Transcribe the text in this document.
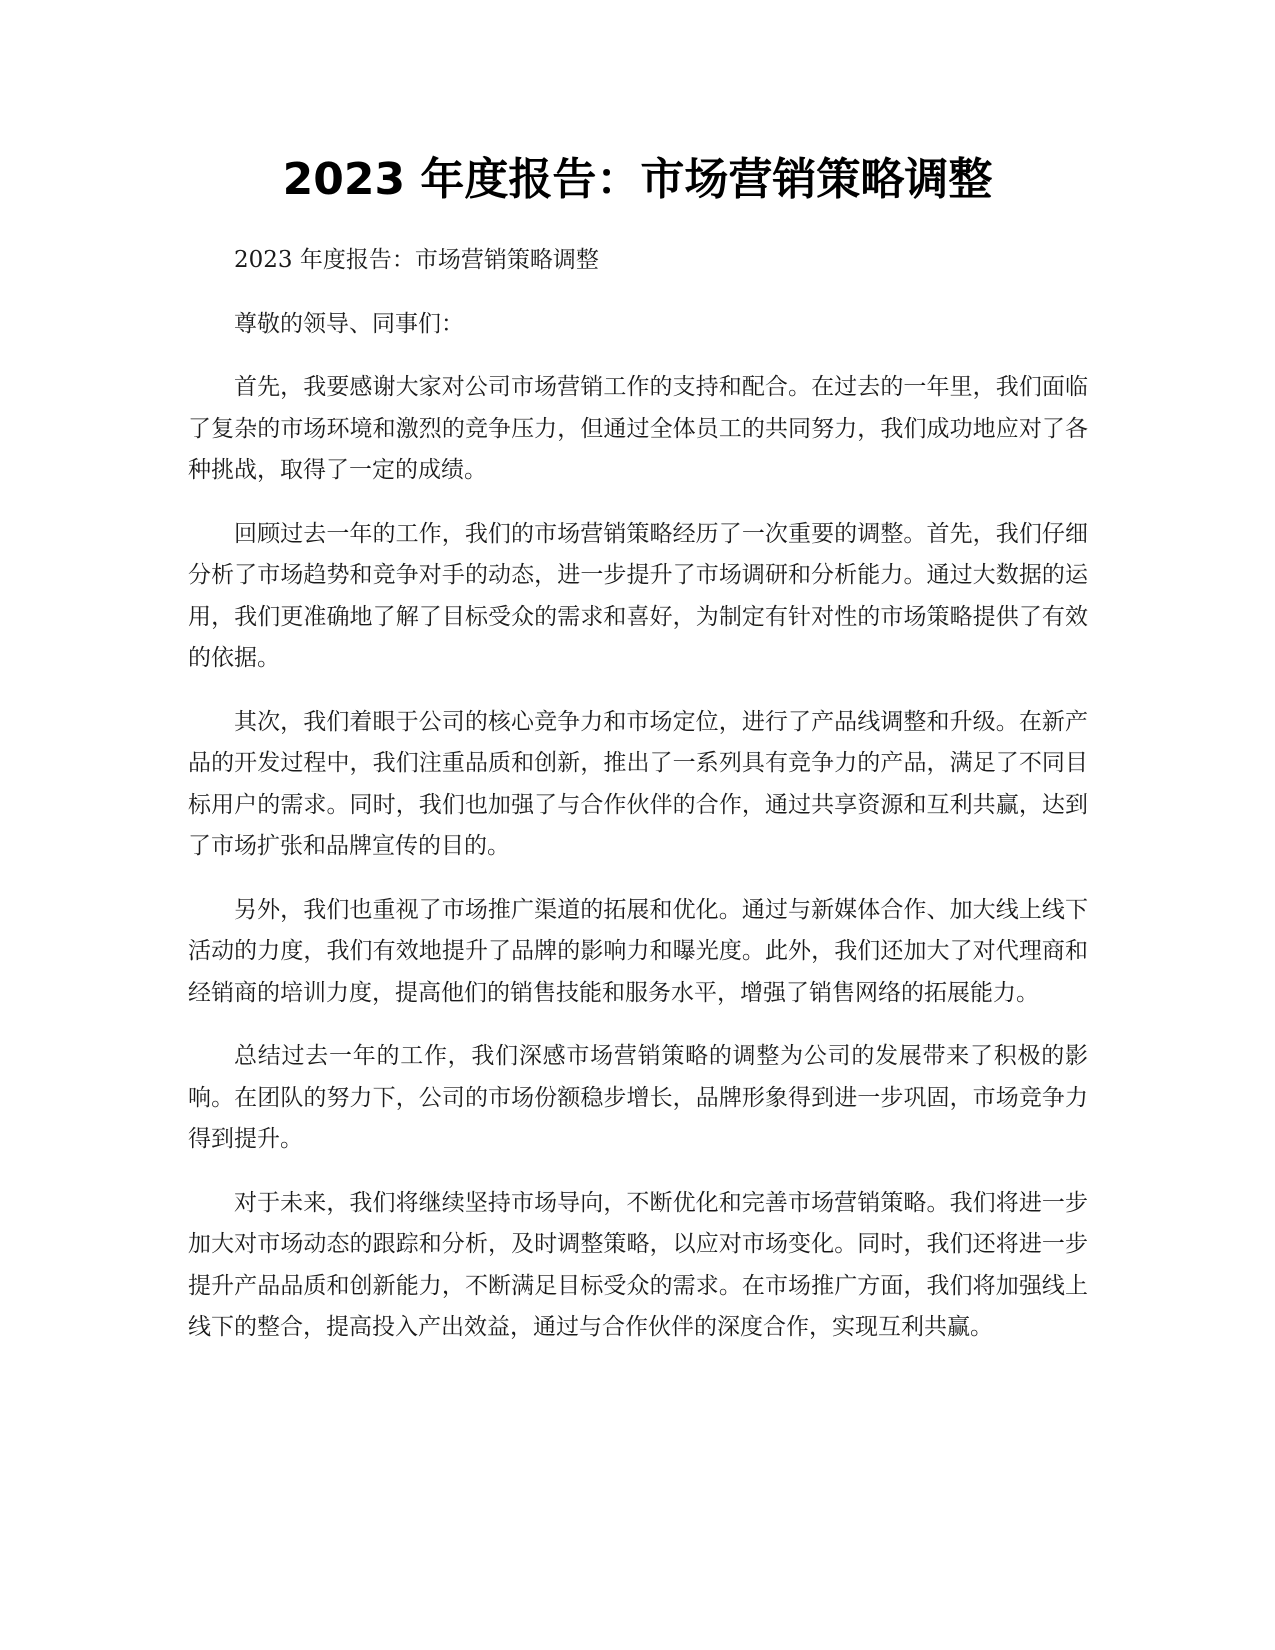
2023 年度报告：市场营销策略调整

2023 年度报告：市场营销策略调整

尊敬的领导、同事们：

首先，我要感谢大家对公司市场营销工作的支持和配合。在过去的一年里，我们面临了复杂的市场环境和激烈的竞争压力，但通过全体员工的共同努力，我们成功地应对了各种挑战，取得了一定的成绩。

回顾过去一年的工作，我们的市场营销策略经历了一次重要的调整。首先，我们仔细分析了市场趋势和竞争对手的动态，进一步提升了市场调研和分析能力。通过大数据的运用，我们更准确地了解了目标受众的需求和喜好，为制定有针对性的市场策略提供了有效的依据。

其次，我们着眼于公司的核心竞争力和市场定位，进行了产品线调整和升级。在新产品的开发过程中，我们注重品质和创新，推出了一系列具有竞争力的产品，满足了不同目标用户的需求。同时，我们也加强了与合作伙伴的合作，通过共享资源和互利共赢，达到了市场扩张和品牌宣传的目的。

另外，我们也重视了市场推广渠道的拓展和优化。通过与新媒体合作、加大线上线下活动的力度，我们有效地提升了品牌的影响力和曝光度。此外，我们还加大了对代理商和经销商的培训力度，提高他们的销售技能和服务水平，增强了销售网络的拓展能力。

总结过去一年的工作，我们深感市场营销策略的调整为公司的发展带来了积极的影响。在团队的努力下，公司的市场份额稳步增长，品牌形象得到进一步巩固，市场竞争力得到提升。

对于未来，我们将继续坚持市场导向，不断优化和完善市场营销策略。我们将进一步加大对市场动态的跟踪和分析，及时调整策略，以应对市场变化。同时，我们还将进一步提升产品品质和创新能力，不断满足目标受众的需求。在市场推广方面，我们将加强线上线下的整合，提高投入产出效益，通过与合作伙伴的深度合作，实现互利共赢。
